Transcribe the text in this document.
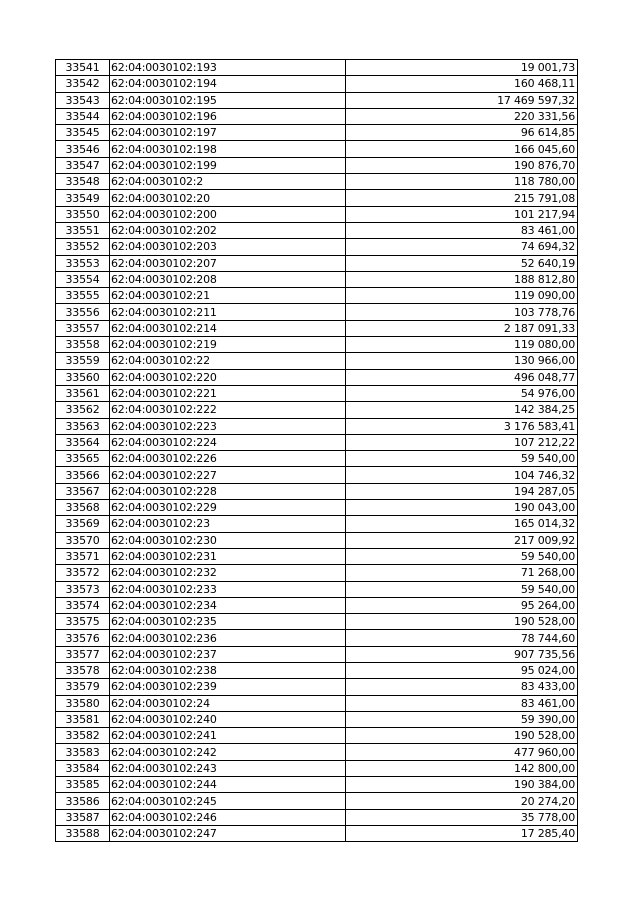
33541	62:04:0030102:193	19 001,73
33542	62:04:0030102:194	160 468,11
33543	62:04:0030102:195	17 469 597,32
33544	62:04:0030102:196	220 331,56
33545	62:04:0030102:197	96 614,85
33546	62:04:0030102:198	166 045,60
33547	62:04:0030102:199	190 876,70
33548	62:04:0030102:2	118 780,00
33549	62:04:0030102:20	215 791,08
33550	62:04:0030102:200	101 217,94
33551	62:04:0030102:202	83 461,00
33552	62:04:0030102:203	74 694,32
33553	62:04:0030102:207	52 640,19
33554	62:04:0030102:208	188 812,80
33555	62:04:0030102:21	119 090,00
33556	62:04:0030102:211	103 778,76
33557	62:04:0030102:214	2 187 091,33
33558	62:04:0030102:219	119 080,00
33559	62:04:0030102:22	130 966,00
33560	62:04:0030102:220	496 048,77
33561	62:04:0030102:221	54 976,00
33562	62:04:0030102:222	142 384,25
33563	62:04:0030102:223	3 176 583,41
33564	62:04:0030102:224	107 212,22
33565	62:04:0030102:226	59 540,00
33566	62:04:0030102:227	104 746,32
33567	62:04:0030102:228	194 287,05
33568	62:04:0030102:229	190 043,00
33569	62:04:0030102:23	165 014,32
33570	62:04:0030102:230	217 009,92
33571	62:04:0030102:231	59 540,00
33572	62:04:0030102:232	71 268,00
33573	62:04:0030102:233	59 540,00
33574	62:04:0030102:234	95 264,00
33575	62:04:0030102:235	190 528,00
33576	62:04:0030102:236	78 744,60
33577	62:04:0030102:237	907 735,56
33578	62:04:0030102:238	95 024,00
33579	62:04:0030102:239	83 433,00
33580	62:04:0030102:24	83 461,00
33581	62:04:0030102:240	59 390,00
33582	62:04:0030102:241	190 528,00
33583	62:04:0030102:242	477 960,00
33584	62:04:0030102:243	142 800,00
33585	62:04:0030102:244	190 384,00
33586	62:04:0030102:245	20 274,20
33587	62:04:0030102:246	35 778,00
33588	62:04:0030102:247	17 285,40
